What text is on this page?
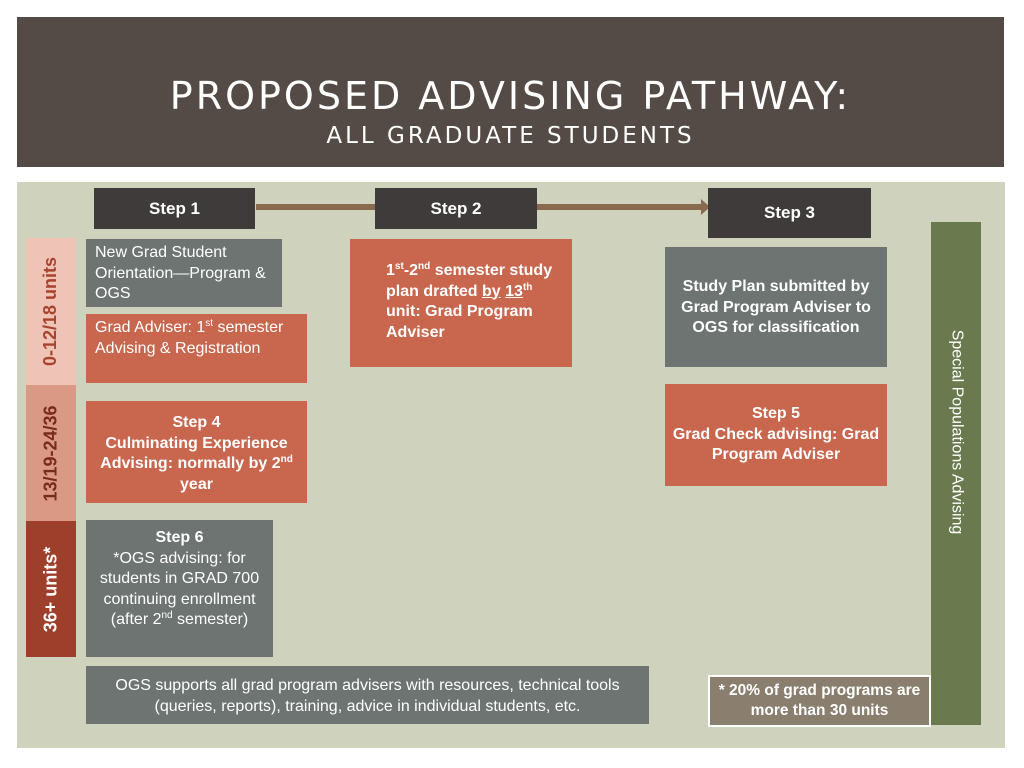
PROPOSED ADVISING PATHWAY:
ALL GRADUATE STUDENTS
Step 1	Step 2	Step 3
0-12/18 units
13/19-24/36
36+ units*
New Grad Student Orientation—Program & OGS
Grad Adviser: 1st semester Advising & Registration
1st-2nd semester study plan drafted by 13th unit: Grad Program Adviser
Study Plan submitted by Grad Program Adviser to OGS for classification
Step 4
Culminating Experience Advising: normally by 2nd year
Step 5
Grad Check advising: Grad Program Adviser
Step 6
*OGS advising: for students in GRAD 700 continuing enrollment (after 2nd semester)
OGS supports all grad program advisers with resources, technical tools (queries, reports), training, advice in individual students, etc.
Special Populations Advising
* 20% of grad programs are more than 30 units
